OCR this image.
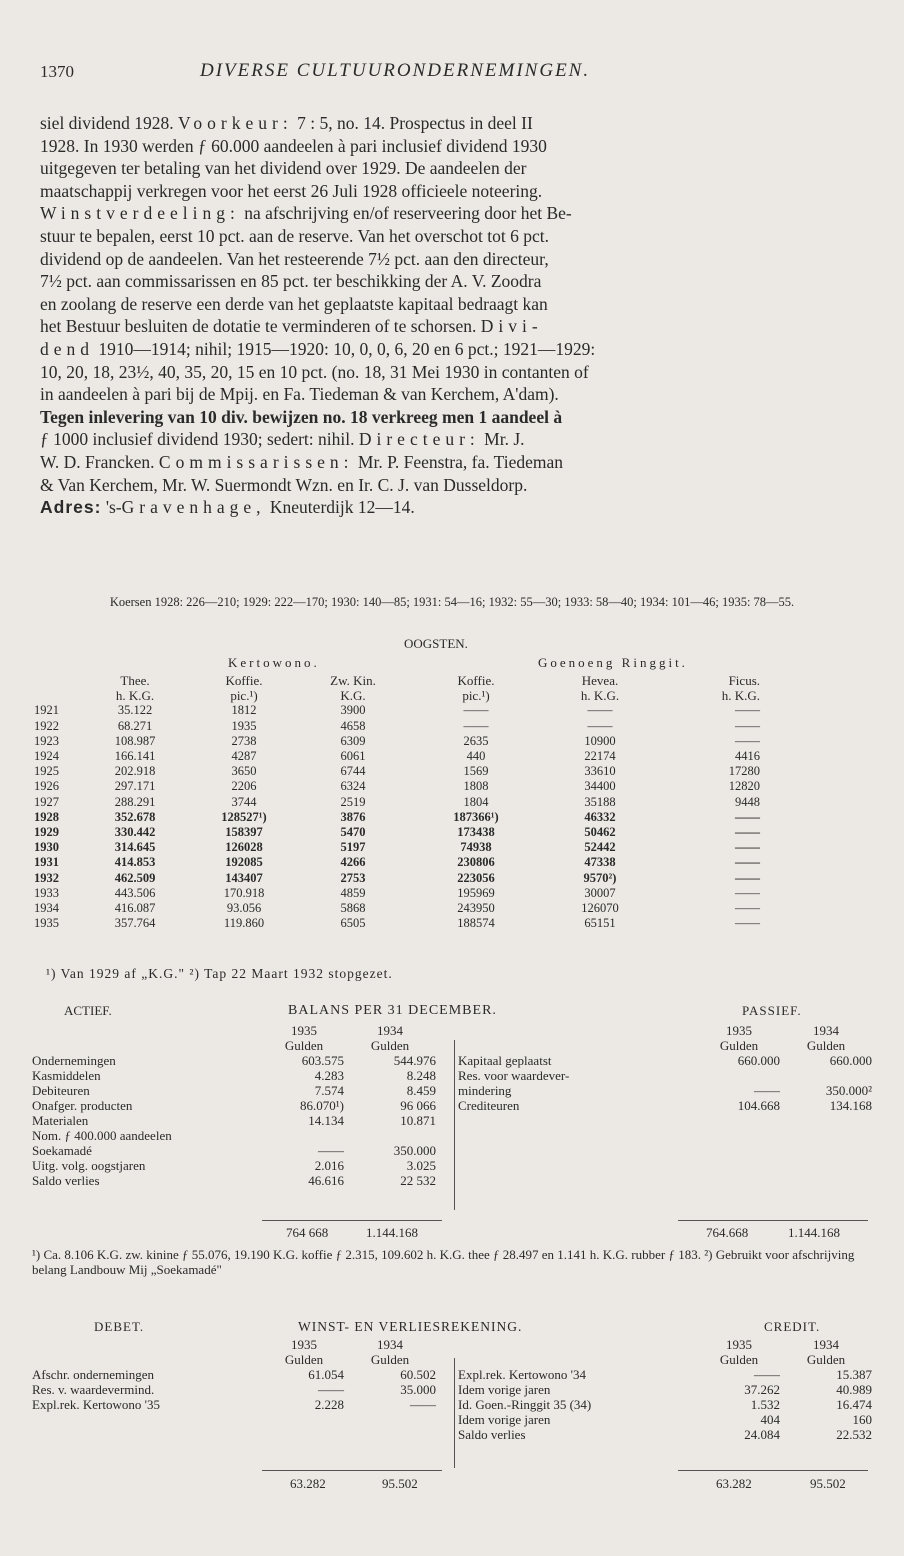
1370	DIVERSE CULTUURONDERNEMINGEN.
siel dividend 1928. Voorkeur: 7 : 5, no. 14. Prospectus in deel II
1928. In 1930 werden ƒ 60.000 aandeelen à pari inclusief dividend 1930
uitgegeven ter betaling van het dividend over 1929. De aandeelen der
maatschappij verkregen voor het eerst 26 Juli 1928 officieele noteering.
Winstverdeeling: na afschrijving en/of reserveering door het Be-
stuur te bepalen, eerst 10 pct. aan de reserve. Van het overschot tot 6 pct.
dividend op de aandeelen. Van het resteerende 7½ pct. aan den directeur,
7½ pct. aan commissarissen en 85 pct. ter beschikking der A. V. Zoodra
en zoolang de reserve een derde van het geplaatste kapitaal bedraagt kan
het Bestuur besluiten de dotatie te verminderen of te schorsen. Divi-
dend 1910—1914; nihil; 1915—1920: 10, 0, 0, 6, 20 en 6 pct.; 1921—1929:
10, 20, 18, 23½, 40, 35, 20, 15 en 10 pct. (no. 18, 31 Mei 1930 in contanten of
in aandeelen à pari bij de Mpij. en Fa. Tiedeman & van Kerchem, A'dam).
Tegen inlevering van 10 div. bewijzen no. 18 verkreeg men 1 aandeel à
ƒ 1000 inclusief dividend 1930; sedert: nihil. Directeur: Mr. J.
W. D. Francken. Commissarissen: Mr. P. Feenstra, fa. Tiedeman
& Van Kerchem, Mr. W. Suermondt Wzn. en Ir. C. J. van Dusseldorp.
Adres: 's-Gravenhage, Kneuterdijk 12—14.
Koersen 1928: 226—210; 1929: 222—170; 1930: 140—85; 1931: 54—16; 1932: 55—30; 1933: 58—40; 1934: 101—46; 1935: 78—55.
OOGSTEN.
Kertowono.	Goenoeng Ringgit.
	Thee.	Koffie.	Zw. Kin.	Koffie.	Hevea.	Ficus.
	h. K.G.	pic.¹)	K.G.	pic.¹)	h. K.G.	h. K.G.
1921	35.122	1812	3900	——	——	——
1922	68.271	1935	4658	——	——	——
1923	108.987	2738	6309	2635	10900	——
1924	166.141	4287	6061	440	22174	4416
1925	202.918	3650	6744	1569	33610	17280
1926	297.171	2206	6324	1808	34400	12820
1927	288.291	3744	2519	1804	35188	9448
1928	352.678	128527¹)	3876	187366¹)	46332	——
1929	330.442	158397	5470	173438	50462	——
1930	314.645	126028	5197	74938	52442	——
1931	414.853	192085	4266	230806	47338	——
1932	462.509	143407	2753	223056	9570²)	——
1933	443.506	170.918	4859	195969	30007	——
1934	416.087	93.056	5868	243950	126070	——
1935	357.764	119.860	6505	188574	65151	——
¹) Van 1929 af „K.G." ²) Tap 22 Maart 1932 stopgezet.
ACTIEF.	BALANS PER 31 DECEMBER.	PASSIEF.
	1935	1934
	Gulden	Gulden
Ondernemingen	603.575	544.976
Kasmiddelen	4.283	8.248
Debiteuren	7.574	8.459
Onafger. producten	86.070¹)	96 066
Materialen	14.134	10.871
Nom. ƒ 400.000 aandeelen		
Soekamadé	——	350.000
Uitg. volg. oogstjaren	2.016	3.025
Saldo verlies	46.616	22 532
	1935	1934
	Gulden	Gulden
Kapitaal geplaatst	660.000	660.000
Res. voor waardever-		
mindering	——	350.000²
Crediteuren	104.668	134.168
764 668	1.144.168	764.668	1.144.168
¹) Ca. 8.106 K.G. zw. kinine ƒ 55.076, 19.190 K.G. koffie ƒ 2.315, 109.602 h. K.G. thee ƒ 28.497 en 1.141 h. K.G. rubber ƒ 183. ²) Gebruikt voor afschrijving belang Landbouw Mij „Soekamadé"
DEBET.	WINST- EN VERLIESREKENING.	CREDIT.
	1935	1934
	Gulden	Gulden
Afschr. ondernemingen	61.054	60.502
Res. v. waardevermind.	——	35.000
Expl.rek. Kertowono '35	2.228	——
	1935	1934
	Gulden	Gulden
Expl.rek. Kertowono '34	——	15.387
Idem vorige jaren	37.262	40.989
Id. Goen.-Ringgit 35 (34)	1.532	16.474
Idem vorige jaren	404	160
Saldo verlies	24.084	22.532
63.282	95.502	63.282	95.502
